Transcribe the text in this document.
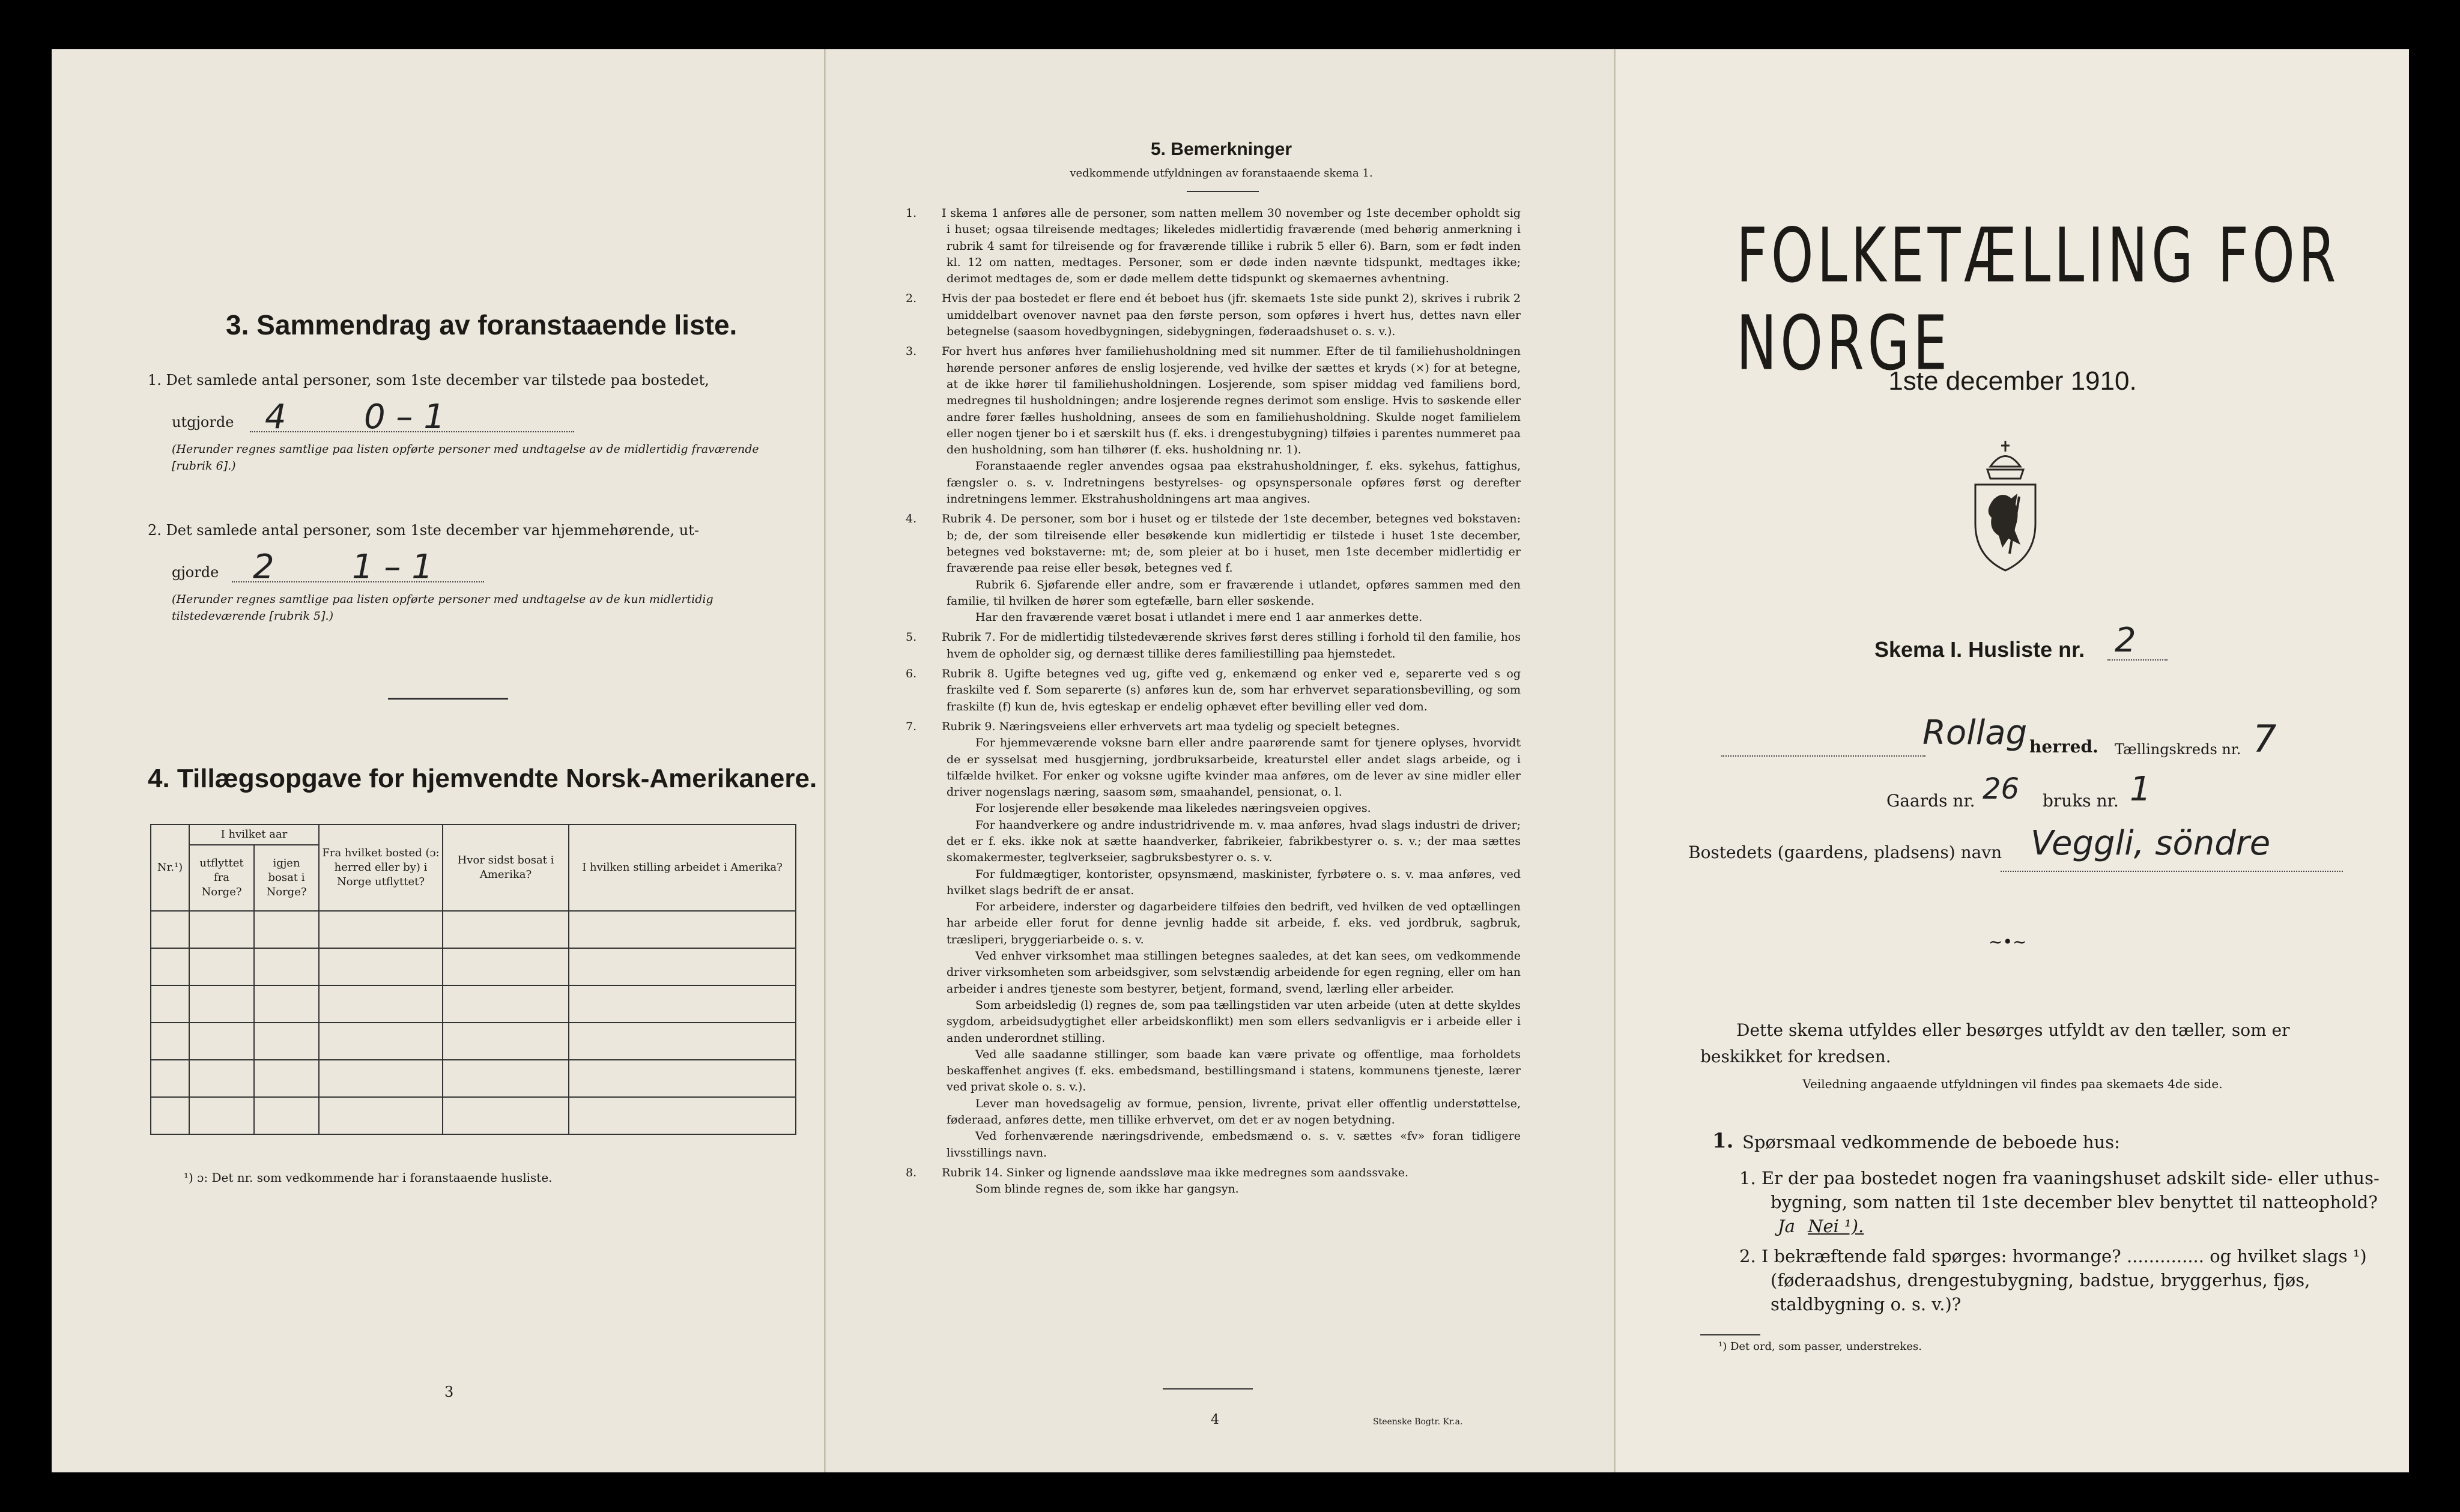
3. Sammendrag av foranstaaende liste.
1. Det samlede antal personer, som 1ste december var tilstede paa bostedet,
utgjorde 4 0 – 1
(Herunder regnes samtlige paa listen opførte personer med undtagelse av de midlertidig fraværende [rubrik 6].)
2. Det samlede antal personer, som 1ste december var hjemmehørende, ut-
gjorde 2 1 – 1
(Herunder regnes samtlige paa listen opførte personer med undtagelse av de kun midlertidig tilstedeværende [rubrik 5].)
4. Tillægsopgave for hjemvendte Norsk-Amerikanere.
Nr.¹)	I hvilket aar		Fra hvilket bosted (ɔ: herred eller by) i Norge utflyttet?	Hvor sidst bosat i Amerika?	I hvilken stilling arbeidet i Amerika?
	utflyttet fra Norge?	igjen bosat i Norge?			

¹) ɔ: Det nr. som vedkommende har i foranstaaende husliste.
3
5. Bemerkninger
vedkommende utfyldningen av foranstaaende skema 1.

1. I skema 1 anføres alle de personer, som natten mellem 30 november og 1ste december opholdt sig i huset; ogsaa tilreisende medtages; likeledes midlertidig fraværende (med behørig anmerkning i rubrik 4 samt for tilreisende og for fraværende tillike i rubrik 5 eller 6). Barn, som er født inden kl. 12 om natten, medtages. Personer, som er døde inden nævnte tidspunkt, medtages ikke; derimot medtages de, som er døde mellem dette tidspunkt og skemaernes avhentning.

2. Hvis der paa bostedet er flere end ét beboet hus (jfr. skemaets 1ste side punkt 2), skrives i rubrik 2 umiddelbart ovenover navnet paa den første person, som opføres i hvert hus, dettes navn eller betegnelse (saasom hovedbygningen, sidebygningen, føderaadshuset o. s. v.).

3. For hvert hus anføres hver familiehusholdning med sit nummer. Efter de til familiehusholdningen hørende personer anføres de enslig losjerende, ved hvilke der sættes et kryds (×) for at betegne, at de ikke hører til familiehusholdningen. Losjerende, som spiser middag ved familiens bord, medregnes til husholdningen; andre losjerende regnes derimot som enslige. Hvis to søskende eller andre fører fælles husholdning, ansees de som en familiehusholdning. Skulde noget familielem eller nogen tjener bo i et særskilt hus (f. eks. i drengestubygning) tilføies i parentes nummeret paa den husholdning, som han tilhører (f. eks. husholdning nr. 1).

Foranstaaende regler anvendes ogsaa paa ekstrahusholdninger, f. eks. sykehus, fattighus, fængsler o. s. v. Indretningens bestyrelses- og opsynspersonale opføres først og derefter indretningens lemmer. Ekstrahusholdningens art maa angives.

4. Rubrik 4. De personer, som bor i huset og er tilstede der 1ste december, betegnes ved bokstaven: b; de, der som tilreisende eller besøkende kun midlertidig er tilstede i huset 1ste december, betegnes ved bokstaverne: mt; de, som pleier at bo i huset, men 1ste december midlertidig er fraværende paa reise eller besøk, betegnes ved f.

Rubrik 6. Sjøfarende eller andre, som er fraværende i utlandet, opføres sammen med den familie, til hvilken de hører som egtefælle, barn eller søskende.

Har den fraværende været bosat i utlandet i mere end 1 aar anmerkes dette.

5. Rubrik 7. For de midlertidig tilstedeværende skrives først deres stilling i forhold til den familie, hos hvem de opholder sig, og dernæst tillike deres familiestilling paa hjemstedet.

6. Rubrik 8. Ugifte betegnes ved ug, gifte ved g, enkemænd og enker ved e, separerte ved s og fraskilte ved f. Som separerte (s) anføres kun de, som har erhvervet separationsbevilling, og som fraskilte (f) kun de, hvis egteskap er endelig ophævet efter bevilling eller ved dom.

7. Rubrik 9. Næringsveiens eller erhvervets art maa tydelig og specielt betegnes.

For hjemmeværende voksne barn eller andre paarørende samt for tjenere oplyses, hvorvidt de er sysselsat med husgjerning, jordbruksarbeide, kreaturstel eller andet slags arbeide, og i tilfælde hvilket. For enker og voksne ugifte kvinder maa anføres, om de lever av sine midler eller driver nogenslags næring, saasom søm, smaahandel, pensionat, o. l.

For losjerende eller besøkende maa likeledes næringsveien opgives.

For haandverkere og andre industridrivende m. v. maa anføres, hvad slags industri de driver; det er f. eks. ikke nok at sætte haandverker, fabrikeier, fabrikbestyrer o. s. v.; der maa sættes skomakermester, teglverkseier, sagbruksbestyrer o. s. v.

For fuldmægtiger, kontorister, opsynsmænd, maskinister, fyrbøtere o. s. v. maa anføres, ved hvilket slags bedrift de er ansat.

For arbeidere, inderster og dagarbeidere tilføies den bedrift, ved hvilken de ved optællingen har arbeide eller forut for denne jevnlig hadde sit arbeide, f. eks. ved jordbruk, sagbruk, træsliperi, bryggeriarbeide o. s. v.

Ved enhver virksomhet maa stillingen betegnes saaledes, at det kan sees, om vedkommende driver virksomheten som arbeidsgiver, som selvstændig arbeidende for egen regning, eller om han arbeider i andres tjeneste som bestyrer, betjent, formand, svend, lærling eller arbeider.

Som arbeidsledig (l) regnes de, som paa tællingstiden var uten arbeide (uten at dette skyldes sygdom, arbeidsudygtighet eller arbeidskonflikt) men som ellers sedvanligvis er i arbeide eller i anden underordnet stilling.

Ved alle saadanne stillinger, som baade kan være private og offentlige, maa forholdets beskaffenhet angives (f. eks. embedsmand, bestillingsmand i statens, kommunens tjeneste, lærer ved privat skole o. s. v.).

Lever man hovedsagelig av formue, pension, livrente, privat eller offentlig understøttelse, føderaad, anføres dette, men tillike erhvervet, om det er av nogen betydning.

Ved forhenværende næringsdrivende, embedsmænd o. s. v. sættes «fv» foran tidligere livsstillings navn.

8. Rubrik 14. Sinker og lignende aandssløve maa ikke medregnes som aandssvake.

Som blinde regnes de, som ikke har gangsyn.

4	Steenske Bogtr. Kr.a.
FOLKETÆLLING FOR NORGE
1ste december 1910.
Skema I. Husliste nr. 2
Rollag herred. Tællingskreds nr. 7
Gaards nr. 26 bruks nr. 1
Bostedets (gaardens, pladsens) navn Veggli, söndre
~•~
Dette skema utfyldes eller besørges utfyldt av den tæller, som er beskikket for kredsen.
Veiledning angaaende utfyldningen vil findes paa skemaets 4de side.
1. Spørsmaal vedkommende de beboede hus:
1. Er der paa bostedet nogen fra vaaningshuset adskilt side- eller uthus-bygning, som natten til 1ste december blev benyttet til natteophold? Ja Nei ¹).
2. I bekræftende fald spørges: hvormange? .............. og hvilket slags ¹) (føderaadshus, drengestubygning, badstue, bryggerhus, fjøs, staldbygning o. s. v.)?
¹) Det ord, som passer, understrekes.
